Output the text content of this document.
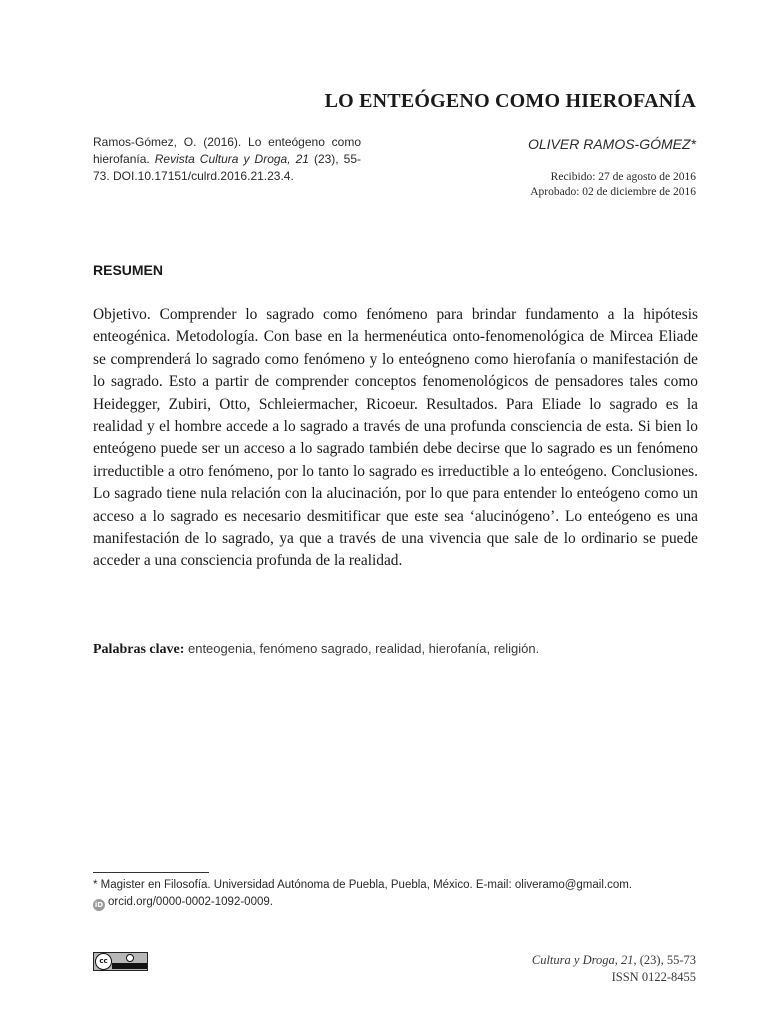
LO ENTEÓGENO COMO HIEROFANÍA
Ramos-Gómez, O. (2016). Lo enteógeno como hierofanía. Revista Cultura y Droga, 21 (23), 55-73. DOI.10.17151/culrd.2016.21.23.4.
OLIVER RAMOS-GÓMEZ*
Recibido: 27 de agosto de 2016
Aprobado: 02 de diciembre de 2016
RESUMEN

Objetivo. Comprender lo sagrado como fenómeno para brindar fundamento a la hipótesis enteogénica. Metodología. Con base en la hermenéutica onto-fenomenológica de Mircea Eliade se comprenderá lo sagrado como fenómeno y lo enteógneno como hierofanía o manifestación de lo sagrado. Esto a partir de comprender conceptos fenomenológicos de pensadores tales como Heidegger, Zubiri, Otto, Schleiermacher, Ricoeur. Resultados. Para Eliade lo sagrado es la realidad y el hombre accede a lo sagrado a través de una profunda consciencia de esta. Si bien lo enteógeno puede ser un acceso a lo sagrado también debe decirse que lo sagrado es un fenómeno irreductible a otro fenómeno, por lo tanto lo sagrado es irreductible a lo enteógeno. Conclusiones. Lo sagrado tiene nula relación con la alucinación, por lo que para entender lo enteógeno como un acceso a lo sagrado es necesario desmitificar que este sea ‘alucinógeno’. Lo enteógeno es una manifestación de lo sagrado, ya que a través de una vivencia que sale de lo ordinario se puede acceder a una consciencia profunda de la realidad.

Palabras clave: enteogenia, fenómeno sagrado, realidad, hierofanía, religión.
* Magister en Filosofía. Universidad Autónoma de Puebla, Puebla, México. E-mail: oliveramo@gmail.com.
iD orcid.org/0000-0002-1092-0009.
cc	Cultura y Droga, 21, (23), 55-73
ISSN 0122-8455
